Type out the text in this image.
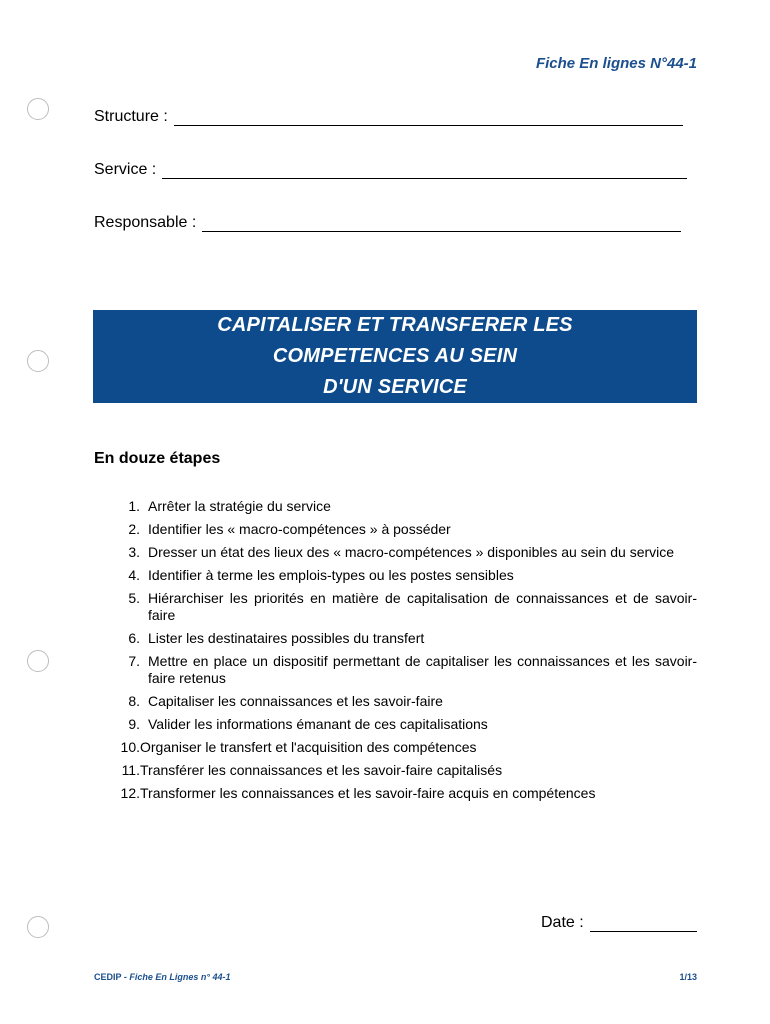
Fiche En lignes N°44-1
Structure :
Service :
Responsable :
CAPITALISER ET TRANSFERER LES
COMPETENCES AU SEIN
D'UN SERVICE
En douze étapes
1. Arrêter la stratégie du service
2. Identifier les « macro-compétences » à posséder
3. Dresser un état des lieux des « macro-compétences » disponibles au sein du service
4. Identifier à terme les emplois-types ou les postes sensibles
5. Hiérarchiser les priorités en matière de capitalisation de connaissances et de savoir-faire
6. Lister les destinataires possibles du transfert
7. Mettre en place un dispositif permettant de capitaliser les connaissances et les savoir-faire retenus
8. Capitaliser les connaissances et les savoir-faire
9. Valider les informations émanant de ces capitalisations
10. Organiser le transfert et l'acquisition des compétences
11. Transférer les connaissances et les savoir-faire capitalisés
12. Transformer les connaissances et les savoir-faire acquis en compétences
Date :
CEDIP - Fiche En Lignes n° 44-1	1/13
